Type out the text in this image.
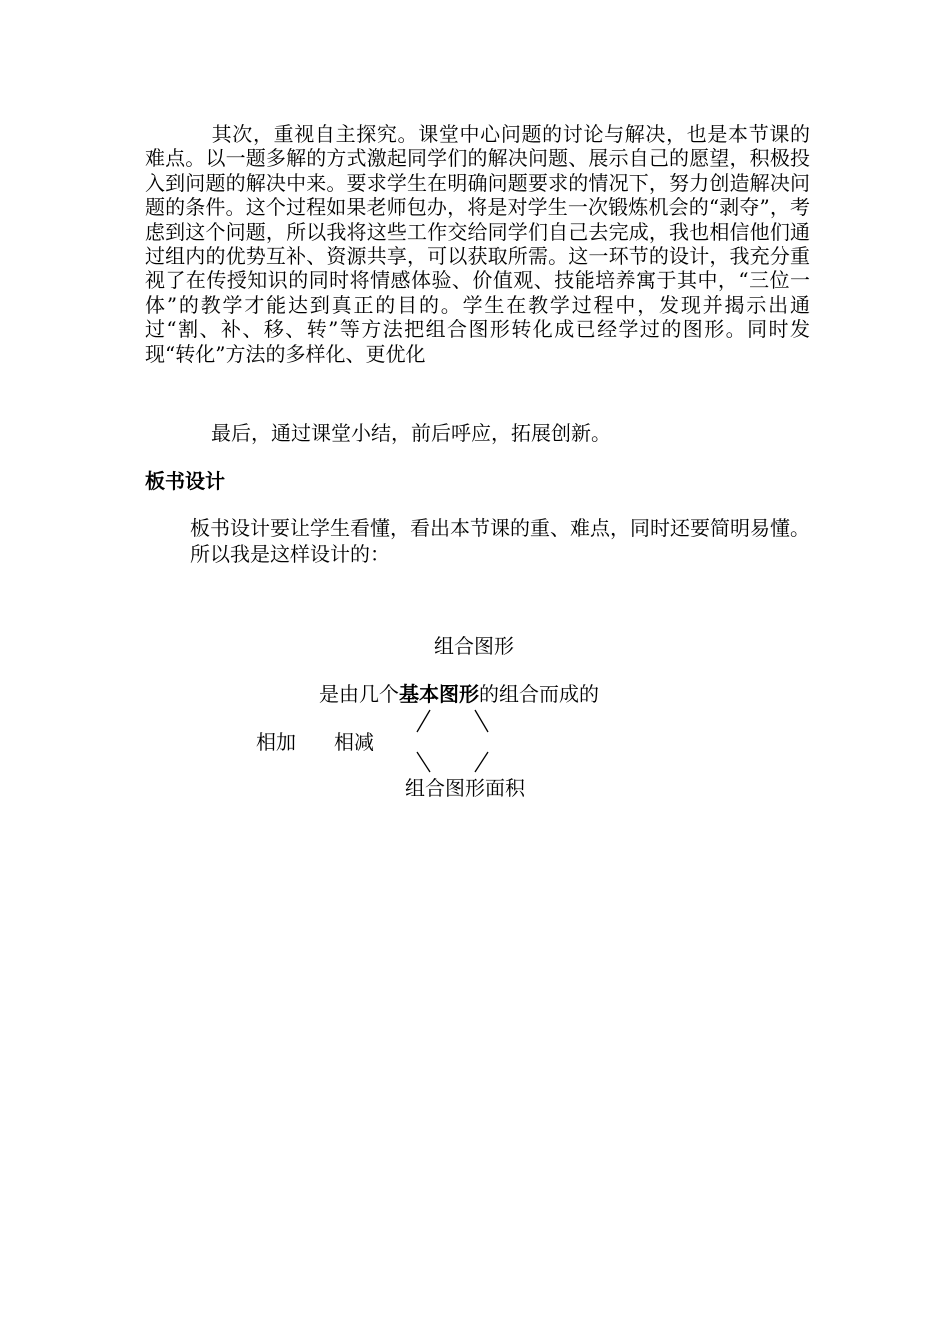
其次，重视自主探究。课堂中心问题的讨论与解决，也是本节课的难点。以一题多解的方式激起同学们的解决问题、展示自己的愿望，积极投入到问题的解决中来。要求学生在明确问题要求的情况下，努力创造解决问题的条件。这个过程如果老师包办，将是对学生一次锻炼机会的“剥夺”，考虑到这个问题，所以我将这些工作交给同学们自己去完成，我也相信他们通过组内的优势互补、资源共享，可以获取所需。这一环节的设计，我充分重视了在传授知识的同时将情感体验、价值观、技能培养寓于其中，“三位一体”的教学才能达到真正的目的。学生在教学过程中，发现并揭示出通过“割、补、移、转”等方法把组合图形转化成已经学过的图形。同时发现“转化”方法的多样化、更优化

最后，通过课堂小结，前后呼应，拓展创新。

板书设计

板书设计要让学生看懂，看出本节课的重、难点，同时还要简明易懂。所以我是这样设计的：

组合图形
是由几个基本图形的组合而成的
相加 相减
组合图形面积
